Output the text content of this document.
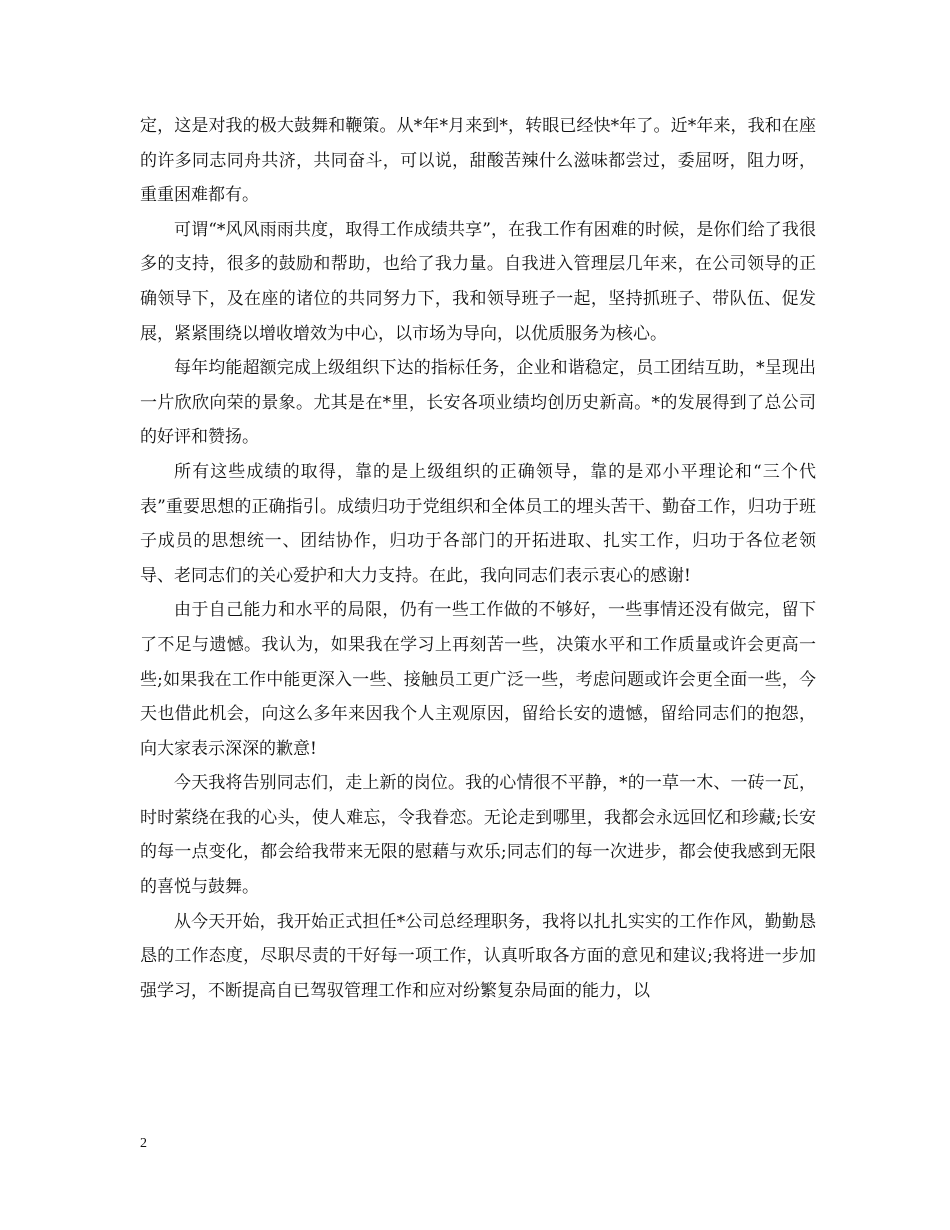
定，这是对我的极大鼓舞和鞭策。从*年*月来到*，转眼已经快*年了。近*年来，我和在座的许多同志同舟共济，共同奋斗，可以说，甜酸苦辣什么滋味都尝过，委屈呀，阻力呀，重重困难都有。

可谓“*风风雨雨共度，取得工作成绩共享”，在我工作有困难的时候，是你们给了我很多的支持，很多的鼓励和帮助，也给了我力量。自我进入管理层几年来，在公司领导的正确领导下，及在座的诸位的共同努力下，我和领导班子一起，坚持抓班子、带队伍、促发展，紧紧围绕以增收增效为中心，以市场为导向，以优质服务为核心。

每年均能超额完成上级组织下达的指标任务，企业和谐稳定，员工团结互助，*呈现出一片欣欣向荣的景象。尤其是在*里，长安各项业绩均创历史新高。*的发展得到了总公司的好评和赞扬。

所有这些成绩的取得，靠的是上级组织的正确领导，靠的是邓小平理论和“三个代表”重要思想的正确指引。成绩归功于党组织和全体员工的埋头苦干、勤奋工作，归功于班子成员的思想统一、团结协作，归功于各部门的开拓进取、扎实工作，归功于各位老领导、老同志们的关心爱护和大力支持。在此，我向同志们表示衷心的感谢!

由于自己能力和水平的局限，仍有一些工作做的不够好，一些事情还没有做完，留下了不足与遗憾。我认为，如果我在学习上再刻苦一些，决策水平和工作质量或许会更高一些;如果我在工作中能更深入一些、接触员工更广泛一些，考虑问题或许会更全面一些，今天也借此机会，向这么多年来因我个人主观原因，留给长安的遗憾，留给同志们的抱怨，向大家表示深深的歉意!

今天我将告别同志们，走上新的岗位。我的心情很不平静，*的一草一木、一砖一瓦，时时萦绕在我的心头，使人难忘，令我眷恋。无论走到哪里，我都会永远回忆和珍藏;长安的每一点变化，都会给我带来无限的慰藉与欢乐;同志们的每一次进步，都会使我感到无限的喜悦与鼓舞。

从今天开始，我开始正式担任*公司总经理职务，我将以扎扎实实的工作作风，勤勤恳恳的工作态度，尽职尽责的干好每一项工作，认真听取各方面的意见和建议;我将进一步加强学习，不断提高自已驾驭管理工作和应对纷繁复杂局面的能力，以

2
